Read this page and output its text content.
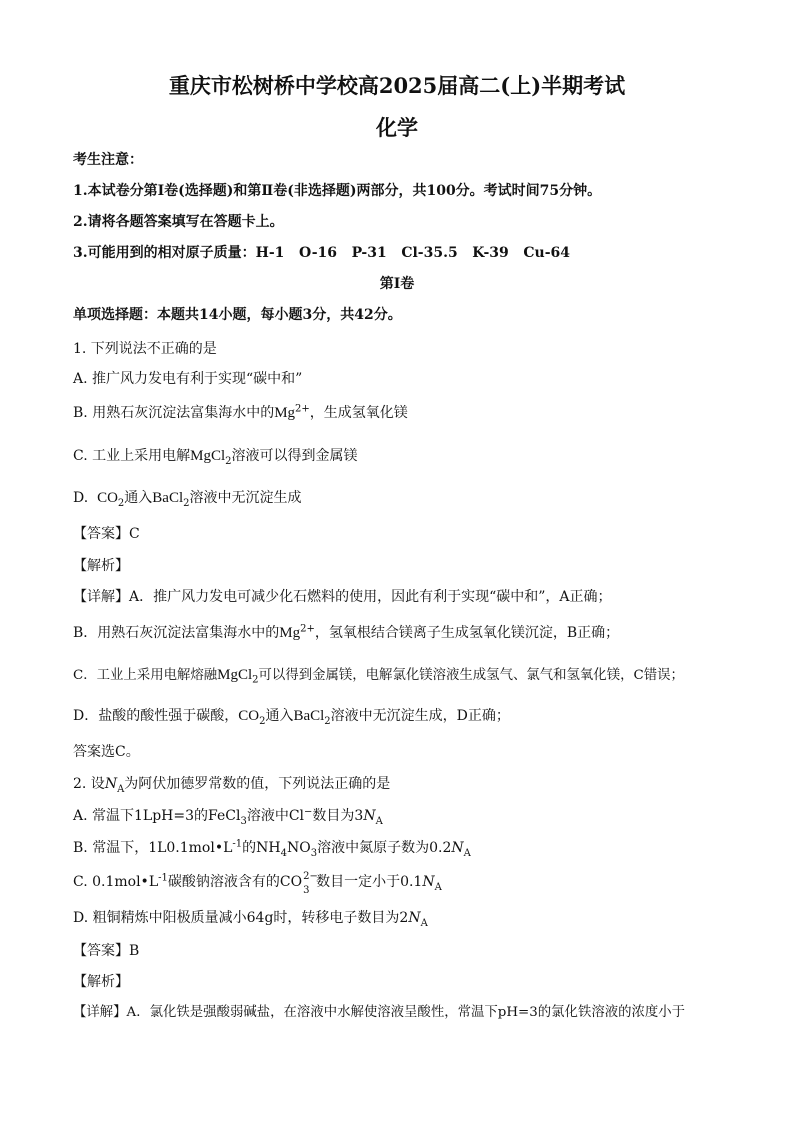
重庆市松树桥中学校高2025届高二(上)半期考试
化学
考生注意：
1.本试卷分第Ⅰ卷(选择题)和第Ⅱ卷(非选择题)两部分，共100分。考试时间75分钟。
2.请将各题答案填写在答题卡上。
3.可能用到的相对原子质量：H-1   O-16   P-31   Cl-35.5   K-39   Cu-64
第Ⅰ卷
单项选择题：本题共14小题，每小题3分，共42分。
1. 下列说法不正确的是
A. 推广风力发电有利于实现“碳中和”
B. 用熟石灰沉淀法富集海水中的$Mg^{2+}$，生成氢氧化镁
C. 工业上采用电解MgCl$_2$溶液可以得到金属镁
D.  $CO_2$通入BaCl$_2$溶液中无沉淀生成
【答案】C
【解析】
【详解】A．推广风力发电可减少化石燃料的使用，因此有利于实现“碳中和”，A正确；
B．用熟石灰沉淀法富集海水中的$Mg^{2+}$，氢氧根结合镁离子生成氢氧化镁沉淀，B正确；
C．工业上采用电解熔融MgCl$_2$可以得到金属镁，电解氯化镁溶液生成氢气、氯气和氢氧化镁，C错误；
D．盐酸的酸性强于碳酸，$CO_2$通入BaCl$_2$溶液中无沉淀生成，D正确；
答案选C。
2. 设$N_A$为阿伏加德罗常数的值，下列说法正确的是
A. 常温下1LpH=3的FeCl$_3$溶液中Cl−数目为$3N_A$
B. 常温下，$1L0.1mol•L^{-1}$的$NH_4NO_3$溶液中氮原子数为$0.2N_A$
C. $0.1mol•L^{-1}$碳酸钠溶液含有的CO 2−
3
数目一定小于$0.1N_A$
D. 粗铜精炼中阳极质量减小64g时，转移电子数目为$2N_A$
【答案】B
【解析】
【详解】A．氯化铁是强酸弱碱盐，在溶液中水解使溶液呈酸性，常温下pH=3的氯化铁溶液的浓度小于
